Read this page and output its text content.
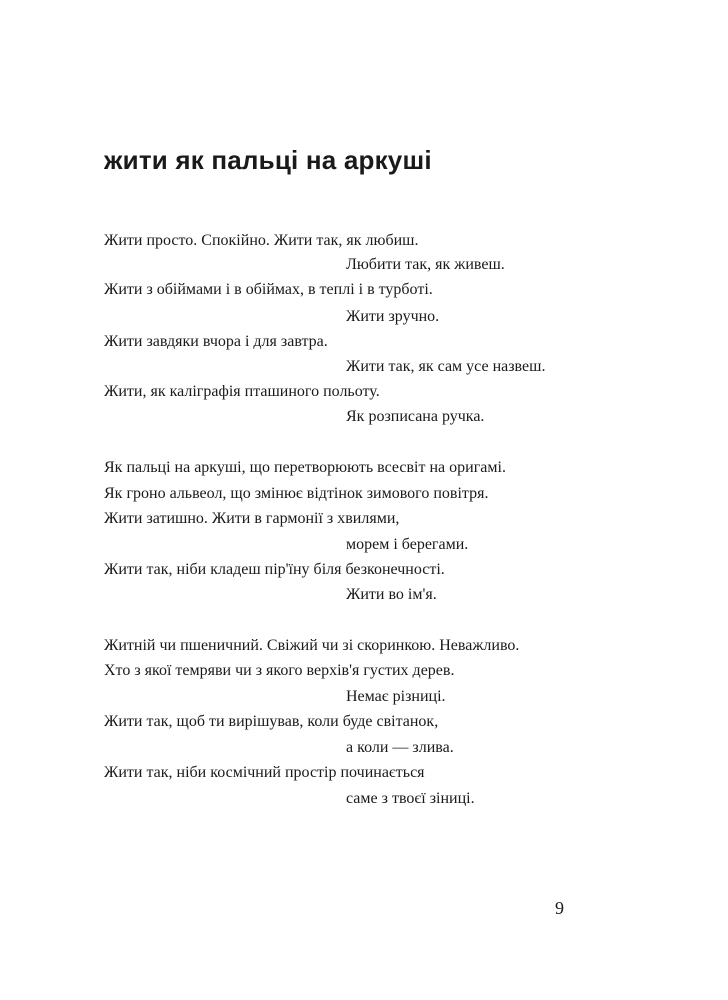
жити як пальці на аркуші

Жити просто. Спокійно. Жити так, як любиш.

Любити так, як живеш.

Жити з обіймами і в обіймах, в теплі і в турботі.

Жити зручно.

Жити завдяки вчора і для завтра.

Жити так, як сам усе назвеш.

Жити, як каліграфія пташиного польоту.

Як розписана ручка.

Як пальці на аркуші, що перетворюють всесвіт на оригамі.

Як гроно альвеол, що змінює відтінок зимового повітря.

Жити затишно. Жити в гармонії з хвилями,

морем і берегами.

Жити так, ніби кладеш пір'їну біля безконечності.

Жити во ім'я.

Житній чи пшеничний. Свіжий чи зі скоринкою. Неважливо.

Хто з якої темряви чи з якого верхів'я густих дерев.

Немає різниці.

Жити так, щоб ти вирішував, коли буде світанок,

а коли — злива.

Жити так, ніби космічний простір починається

саме з твоєї зіниці.

9
